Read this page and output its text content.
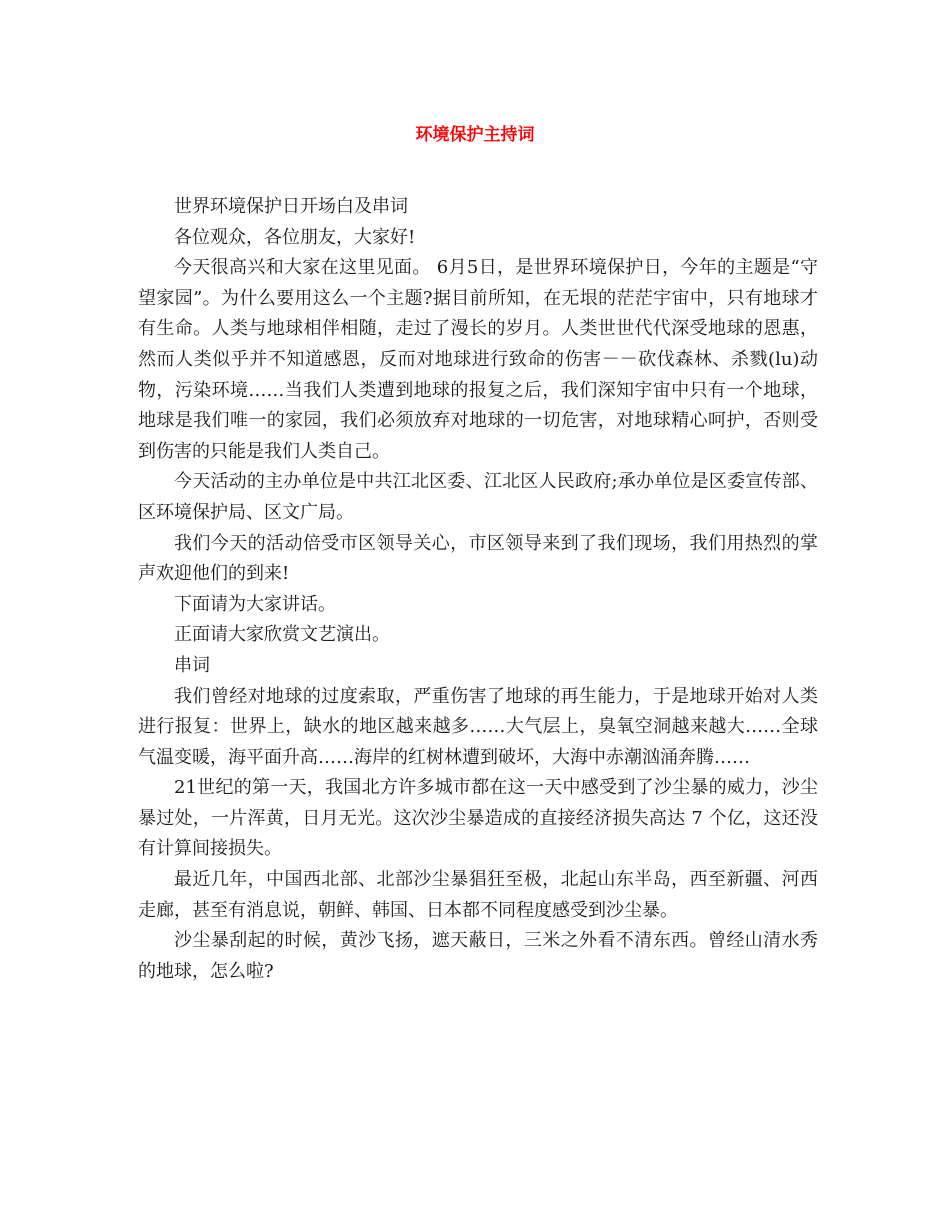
环境保护主持词

世界环境保护日开场白及串词

各位观众，各位朋友，大家好!

今天很高兴和大家在这里见面。 6月5日，是世界环境保护日，今年的主题是“守望家园”。为什么要用这么一个主题?据目前所知，在无垠的茫茫宇宙中，只有地球才有生命。人类与地球相伴相随，走过了漫长的岁月。人类世世代代深受地球的恩惠，然而人类似乎并不知道感恩，反而对地球进行致命的伤害－－砍伐森林、杀戮(lu)动物，污染环境……当我们人类遭到地球的报复之后，我们深知宇宙中只有一个地球，地球是我们唯一的家园，我们必须放弃对地球的一切危害，对地球精心呵护，否则受到伤害的只能是我们人类自己。

今天活动的主办单位是中共江北区委、江北区人民政府;承办单位是区委宣传部、区环境保护局、区文广局。

我们今天的活动倍受市区领导关心，市区领导来到了我们现场，我们用热烈的掌声欢迎他们的到来!

下面请为大家讲话。

正面请大家欣赏文艺演出。

串词

我们曾经对地球的过度索取，严重伤害了地球的再生能力，于是地球开始对人类进行报复：世界上，缺水的地区越来越多……大气层上，臭氧空洞越来越大……全球气温变暖，海平面升高……海岸的红树林遭到破坏，大海中赤潮汹涌奔腾……

21世纪的第一天，我国北方许多城市都在这一天中感受到了沙尘暴的威力，沙尘暴过处，一片浑黄，日月无光。这次沙尘暴造成的直接经济损失高达 7 个亿，这还没有计算间接损失。

最近几年，中国西北部、北部沙尘暴猖狂至极，北起山东半岛，西至新疆、河西走廊，甚至有消息说，朝鲜、韩国、日本都不同程度感受到沙尘暴。

沙尘暴刮起的时候，黄沙飞扬，遮天蔽日，三米之外看不清东西。曾经山清水秀的地球，怎么啦?
